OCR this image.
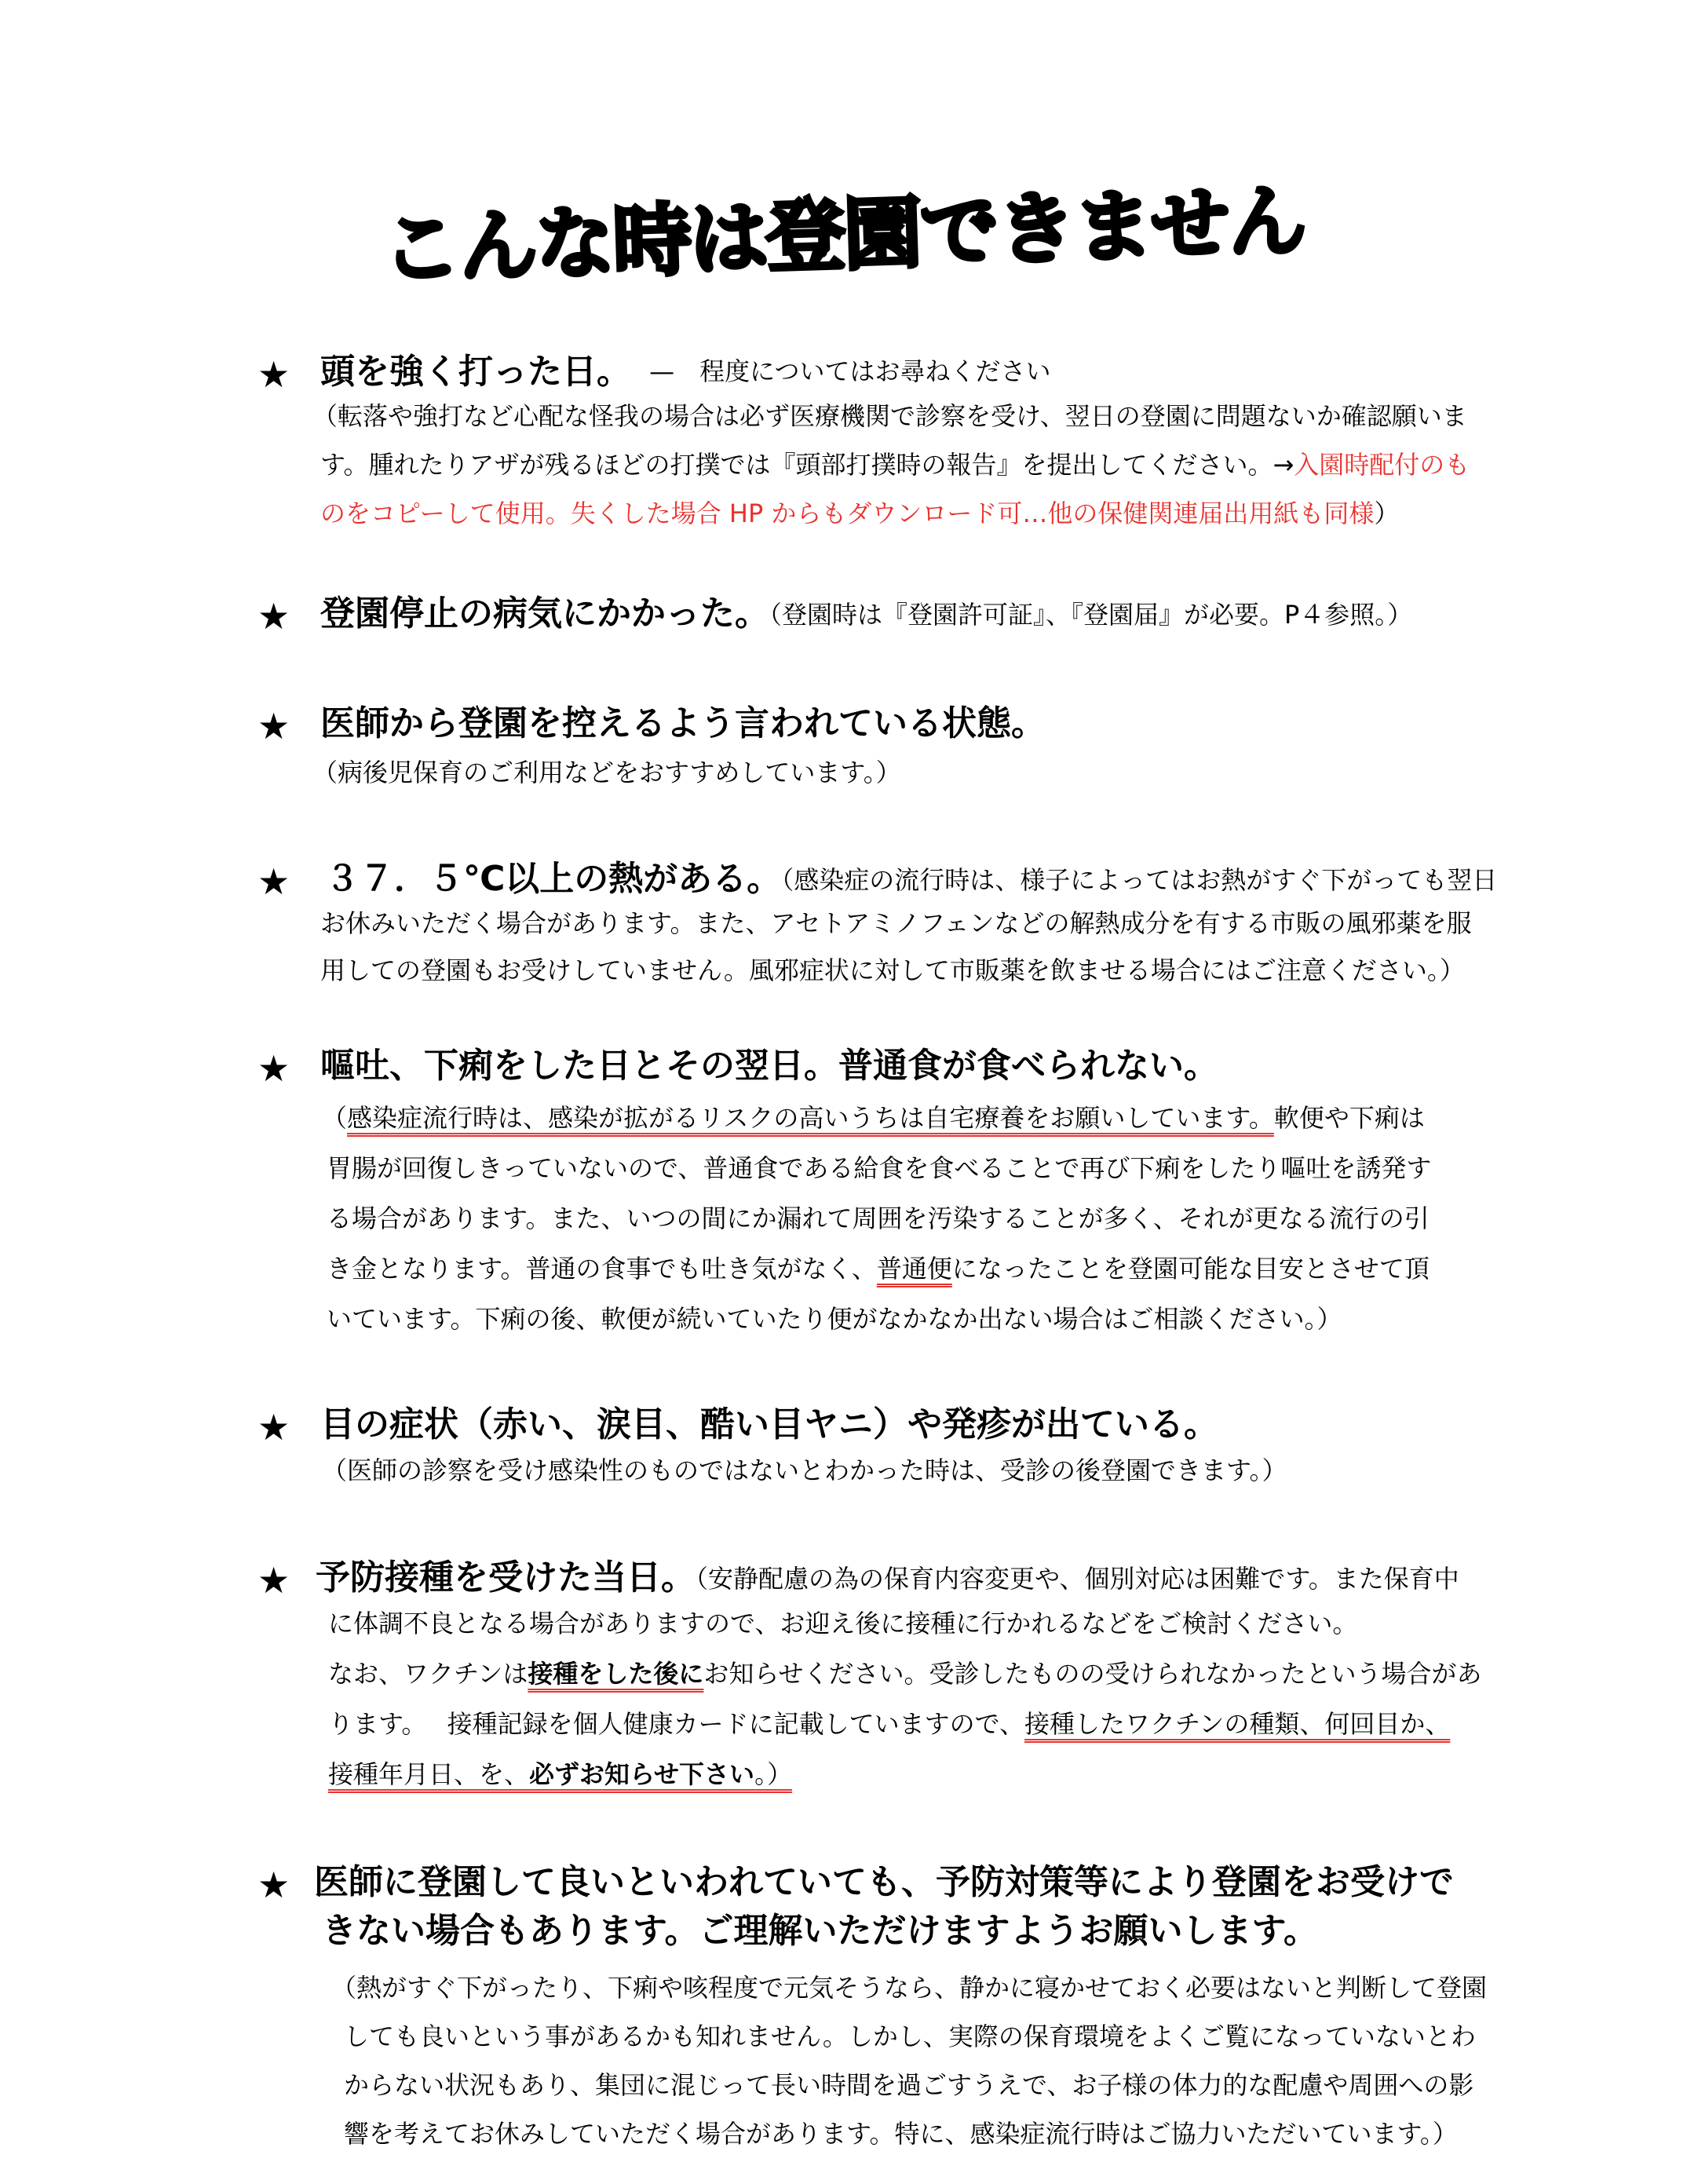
こんな時は登園できません
★ 頭を強く打った日。 —　程度についてはお尋ねください
（転落や強打など心配な怪我の場合は必ず医療機関で診察を受け、翌日の登園に問題ないか確認願いま
す。腫れたりアザが残るほどの打撲では『頭部打撲時の報告』を提出してください。→入園時配付のも
のをコピーして使用。失くした場合 HP からもダウンロード可…他の保健関連届出用紙も同様）
★ 登園停止の病気にかかった。（登園時は『登園許可証』、『登園届』が必要。P４参照。）
★ 医師から登園を控えるよう言われている状態。
（病後児保育のご利用などをおすすめしています。）
★ ３７．５℃以上の熱がある。（感染症の流行時は、様子によってはお熱がすぐ下がっても翌日
お休みいただく場合があります。また、アセトアミノフェンなどの解熱成分を有する市販の風邪薬を服
用しての登園もお受けしていません。風邪症状に対して市販薬を飲ませる場合にはご注意ください。）
★ 嘔吐、下痢をした日とその翌日。普通食が食べられない。
（感染症流行時は、感染が拡がるリスクの高いうちは自宅療養をお願いしています。軟便や下痢は
胃腸が回復しきっていないので、普通食である給食を食べることで再び下痢をしたり嘔吐を誘発す
る場合があります。また、いつの間にか漏れて周囲を汚染することが多く、それが更なる流行の引
き金となります。普通の食事でも吐き気がなく、普通便になったことを登園可能な目安とさせて頂
いています。下痢の後、軟便が続いていたり便がなかなか出ない場合はご相談ください。）
★ 目の症状（赤い、涙目、酷い目ヤニ）や発疹が出ている。
（医師の診察を受け感染性のものではないとわかった時は、受診の後登園できます。）
★ 予防接種を受けた当日。（安静配慮の為の保育内容変更や、個別対応は困難です。また保育中
に体調不良となる場合がありますので、お迎え後に接種に行かれるなどをご検討ください。
なお、ワクチンは接種をした後にお知らせください。受診したものの受けられなかったという場合があ
ります。　 接種記録を個人健康カードに記載していますので、接種したワクチンの種類、何回目か、
接種年月日、を、必ずお知らせ下さい。）
★ 医師に登園して良いといわれていても、予防対策等により登園をお受けで
きない場合もあります。ご理解いただけますようお願いします。
（熱がすぐ下がったり、下痢や咳程度で元気そうなら、静かに寝かせておく必要はないと判断して登園
しても良いという事があるかも知れません。しかし、実際の保育環境をよくご覧になっていないとわ
からない状況もあり、集団に混じって長い時間を過ごすうえで、お子様の体力的な配慮や周囲への影
響を考えてお休みしていただく場合があります。特に、感染症流行時はご協力いただいています。）
